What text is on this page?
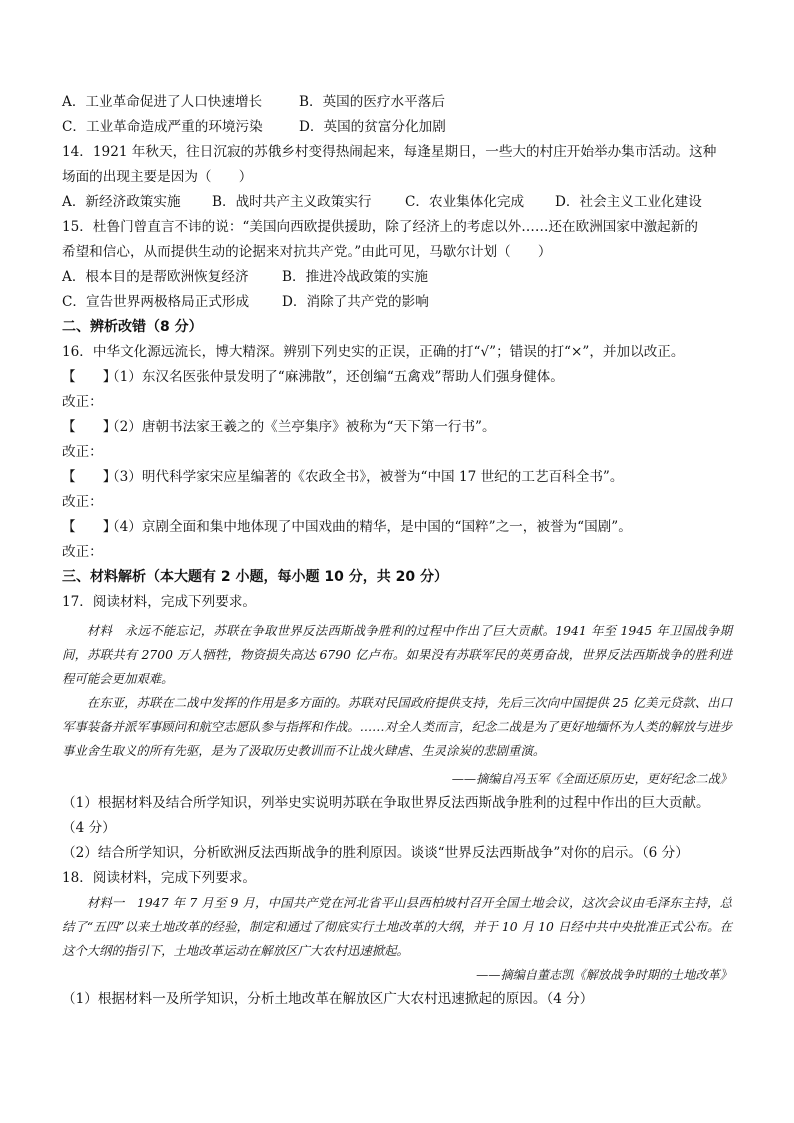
A．工业革命促进了人口快速增长	B．英国的医疗水平落后
C．工业革命造成严重的环境污染	D．英国的贫富分化加剧
14．1921 年秋天，往日沉寂的苏俄乡村变得热闹起来，每逢星期日，一些大的村庄开始举办集市活动。这种
场面的出现主要是因为（　　）
A．新经济政策实施	B．战时共产主义政策实行	C．农业集体化完成	D．社会主义工业化建设
15．杜鲁门曾直言不讳的说：“美国向西欧提供援助，除了经济上的考虑以外……还在欧洲国家中激起新的
希望和信心，从而提供生动的论据来对抗共产党。”由此可见，马歇尔计划（　　）
A．根本目的是帮欧洲恢复经济	B．推进冷战政策的实施
C．宣告世界两极格局正式形成	D．消除了共产党的影响
二、辨析改错（8 分）
16．中华文化源远流长，博大精深。辨别下列史实的正误，正确的打“√”；错误的打“×”，并加以改正。
【　　】（1）东汉名医张仲景发明了“麻沸散”，还创编“五禽戏”帮助人们强身健体。
改正：
【　　】（2）唐朝书法家王羲之的《兰亭集序》被称为“天下第一行书”。
改正：
【　　】（3）明代科学家宋应星编著的《农政全书》，被誉为“中国 17 世纪的工艺百科全书”。
改正：
【　　】（4）京剧全面和集中地体现了中国戏曲的精华，是中国的“国粹”之一，被誉为“国剧”。
改正：
三、材料解析（本大题有 2 小题，每小题 10 分，共 20 分）
17．阅读材料，完成下列要求。
材料　永远不能忘记，苏联在争取世界反法西斯战争胜利的过程中作出了巨大贡献。1941 年至 1945 年卫国战争期间，苏联共有 2700 万人牺牲，物资损失高达 6790 亿卢布。如果没有苏联军民的英勇奋战，世界反法西斯战争的胜利进程可能会更加艰难。
在东亚，苏联在二战中发挥的作用是多方面的。苏联对民国政府提供支持，先后三次向中国提供 25 亿美元贷款、出口军事装备并派军事顾问和航空志愿队参与指挥和作战。……对全人类而言，纪念二战是为了更好地缅怀为人类的解放与进步事业舍生取义的所有先驱，是为了汲取历史教训而不让战火肆虐、生灵涂炭的悲剧重演。
——摘编自冯玉军《全面还原历史，更好纪念二战》
（1）根据材料及结合所学知识，列举史实说明苏联在争取世界反法西斯战争胜利的过程中作出的巨大贡献。
（4 分）
（2）结合所学知识，分析欧洲反法西斯战争的胜利原因。谈谈“世界反法西斯战争”对你的启示。（6 分）
18．阅读材料，完成下列要求。
材料一　1947 年 7 月至 9 月，中国共产党在河北省平山县西柏坡村召开全国土地会议，这次会议由毛泽东主持，总结了“五四”以来土地改革的经验，制定和通过了彻底实行土地改革的大纲，并于 10 月 10 日经中共中央批准正式公布。在这个大纲的指引下，土地改革运动在解放区广大农村迅速掀起。
——摘编自董志凯《解放战争时期的土地改革》
（1）根据材料一及所学知识，分析土地改革在解放区广大农村迅速掀起的原因。（4 分）
